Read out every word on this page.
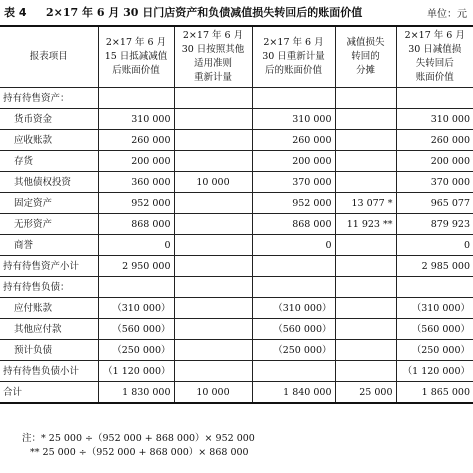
表 4 2×17 年 6 月 30 日门店资产和负债减值损失转回后的账面价值	单位：元
报表项目	2×17 年 6 月
15 日抵减减值
后账面价值	2×17 年 6 月
30 日按照其他
适用准则
重新计量	2×17 年 6 月
30 日重新计量
后的账面价值	减值损失
转回的
分摊	2×17 年 6 月
30 日减值损
失转回后
账面价值

持有待售资产：					
货币资金	310 000		310 000		310 000
应收账款	260 000		260 000		260 000
存货	200 000		200 000		200 000
其他债权投资	360 000	10 000	370 000		370 000
固定资产	952 000		952 000	13 077 *	965 077
无形资产	868 000		868 000	11 923 **	879 923
商誉	0		0		0
持有待售资产小计	2 950 000				2 985 000
持有待售负债：					
应付账款	（310 000）		（310 000）		（310 000）
其他应付款	（560 000）		（560 000）		（560 000）
预计负债	（250 000）		（250 000）		（250 000）
持有待售负债小计	（1 120 000）				（1 120 000）
合计	1 830 000	10 000	1 840 000	25 000	1 865 000
注：* 25 000 ÷（952 000 + 868 000）× 952 000
** 25 000 ÷（952 000 + 868 000）× 868 000
